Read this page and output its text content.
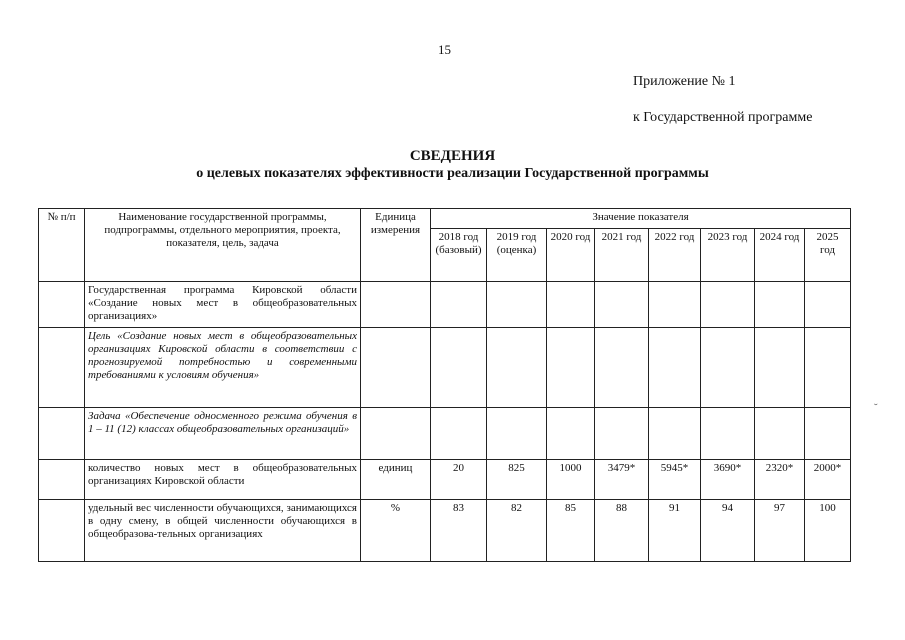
15
Приложение № 1
к Государственной программе
СВЕДЕНИЯ
о целевых показателях эффективности реализации Государственной программы
№ п/п	Наименование государственной программы, подпрограммы, отдельного мероприятия, проекта, показателя, цель, задача	Единица измерения	Значение показателя							
			2018 год (базовый)	2019 год (оценка)	2020 год	2021 год	2022 год	2023 год	2024 год	2025 год
	Государственная программа Кировской области «Создание новых мест в общеобразовательных организациях»									
	Цель «Создание новых мест в общеобразовательных организациях Кировской области в соответствии с прогнозируемой потребностью и современными требованиями к условиям обучения»									
	Задача «Обеспечение односменного режима обучения в 1 – 11 (12) классах общеобразовательных организаций»									
	количество новых мест в общеобразовательных организациях Кировской области	единиц	20	825	1000	3479*	5945*	3690*	2320*	2000*
	удельный вес численности обучающихся, занимающихся в одну смену, в общей численности обучающихся в общеобразова-тельных организациях	%	83	82	85	88	91	94	97	100
˘
